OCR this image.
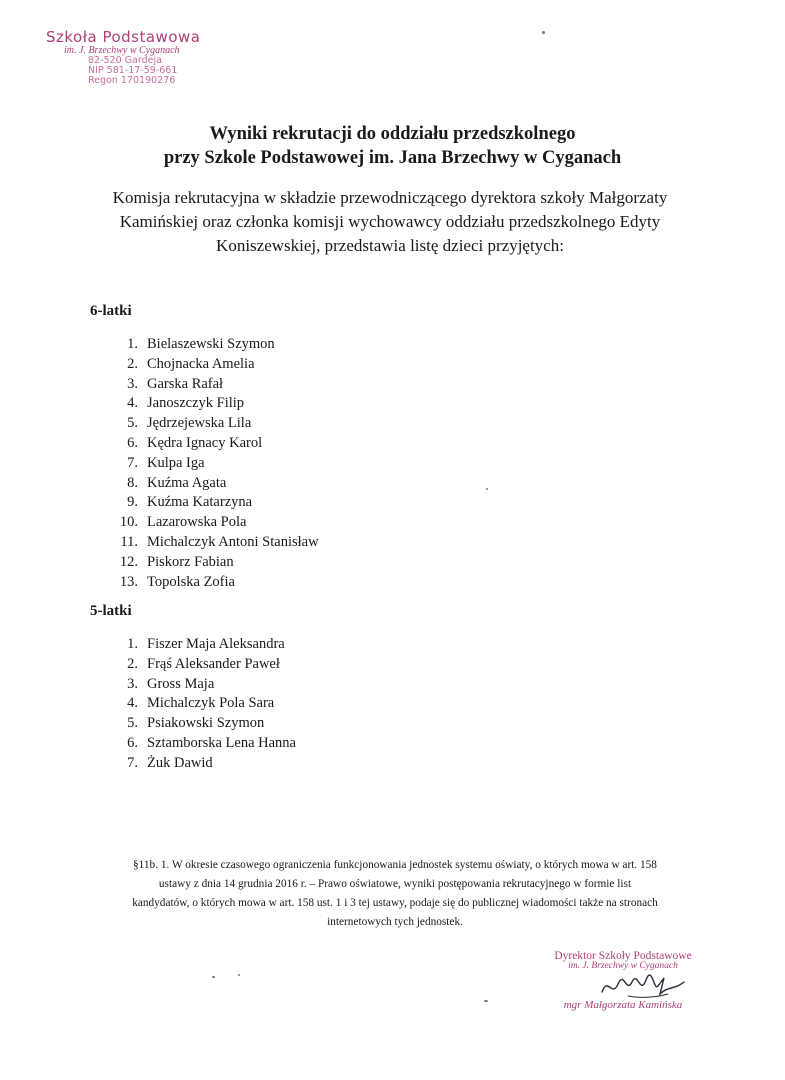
Szkoła Podstawowa
im. J. Brzechwy w Cyganach
82-520 Gardeja
NIP 581-17-59-661
Regon 170190276
Wyniki rekrutacji do oddziału przedszkolnego
przy Szkole Podstawowej im. Jana Brzechwy w Cyganach
Komisja rekrutacyjna w składzie przewodniczącego dyrektora szkoły Małgorzaty
Kamińskiej oraz członka komisji wychowawcy oddziału przedszkolnego Edyty
Koniszewskiej, przedstawia listę dzieci przyjętych:
6-latki
1. Bielaszewski Szymon
2. Chojnacka Amelia
3. Garska Rafał
4. Janoszczyk Filip
5. Jędrzejewska Lila
6. Kędra Ignacy Karol
7. Kulpa Iga
8. Kuźma Agata
9. Kuźma Katarzyna
10. Lazarowska Pola
11. Michalczyk Antoni Stanisław
12. Piskorz Fabian
13. Topolska Zofia
5-latki
1. Fiszer Maja Aleksandra
2. Frąś Aleksander Paweł
3. Gross Maja
4. Michalczyk Pola Sara
5. Psiakowski Szymon
6. Sztamborska Lena Hanna
7. Żuk Dawid
§11b. 1. W okresie czasowego ograniczenia funkcjonowania jednostek systemu oświaty, o których mowa w art. 158
ustawy z dnia 14 grudnia 2016 r. – Prawo oświatowe, wyniki postępowania rekrutacyjnego w formie list
kandydatów, o których mowa w art. 158 ust. 1 i 3 tej ustawy, podaje się do publicznej wiadomości także na stronach
internetowych tych jednostek.
Dyrektor Szkoły Podstawowe
im. J. Brzechwy w Cyganach
mgr Małgorzata Kamińska
